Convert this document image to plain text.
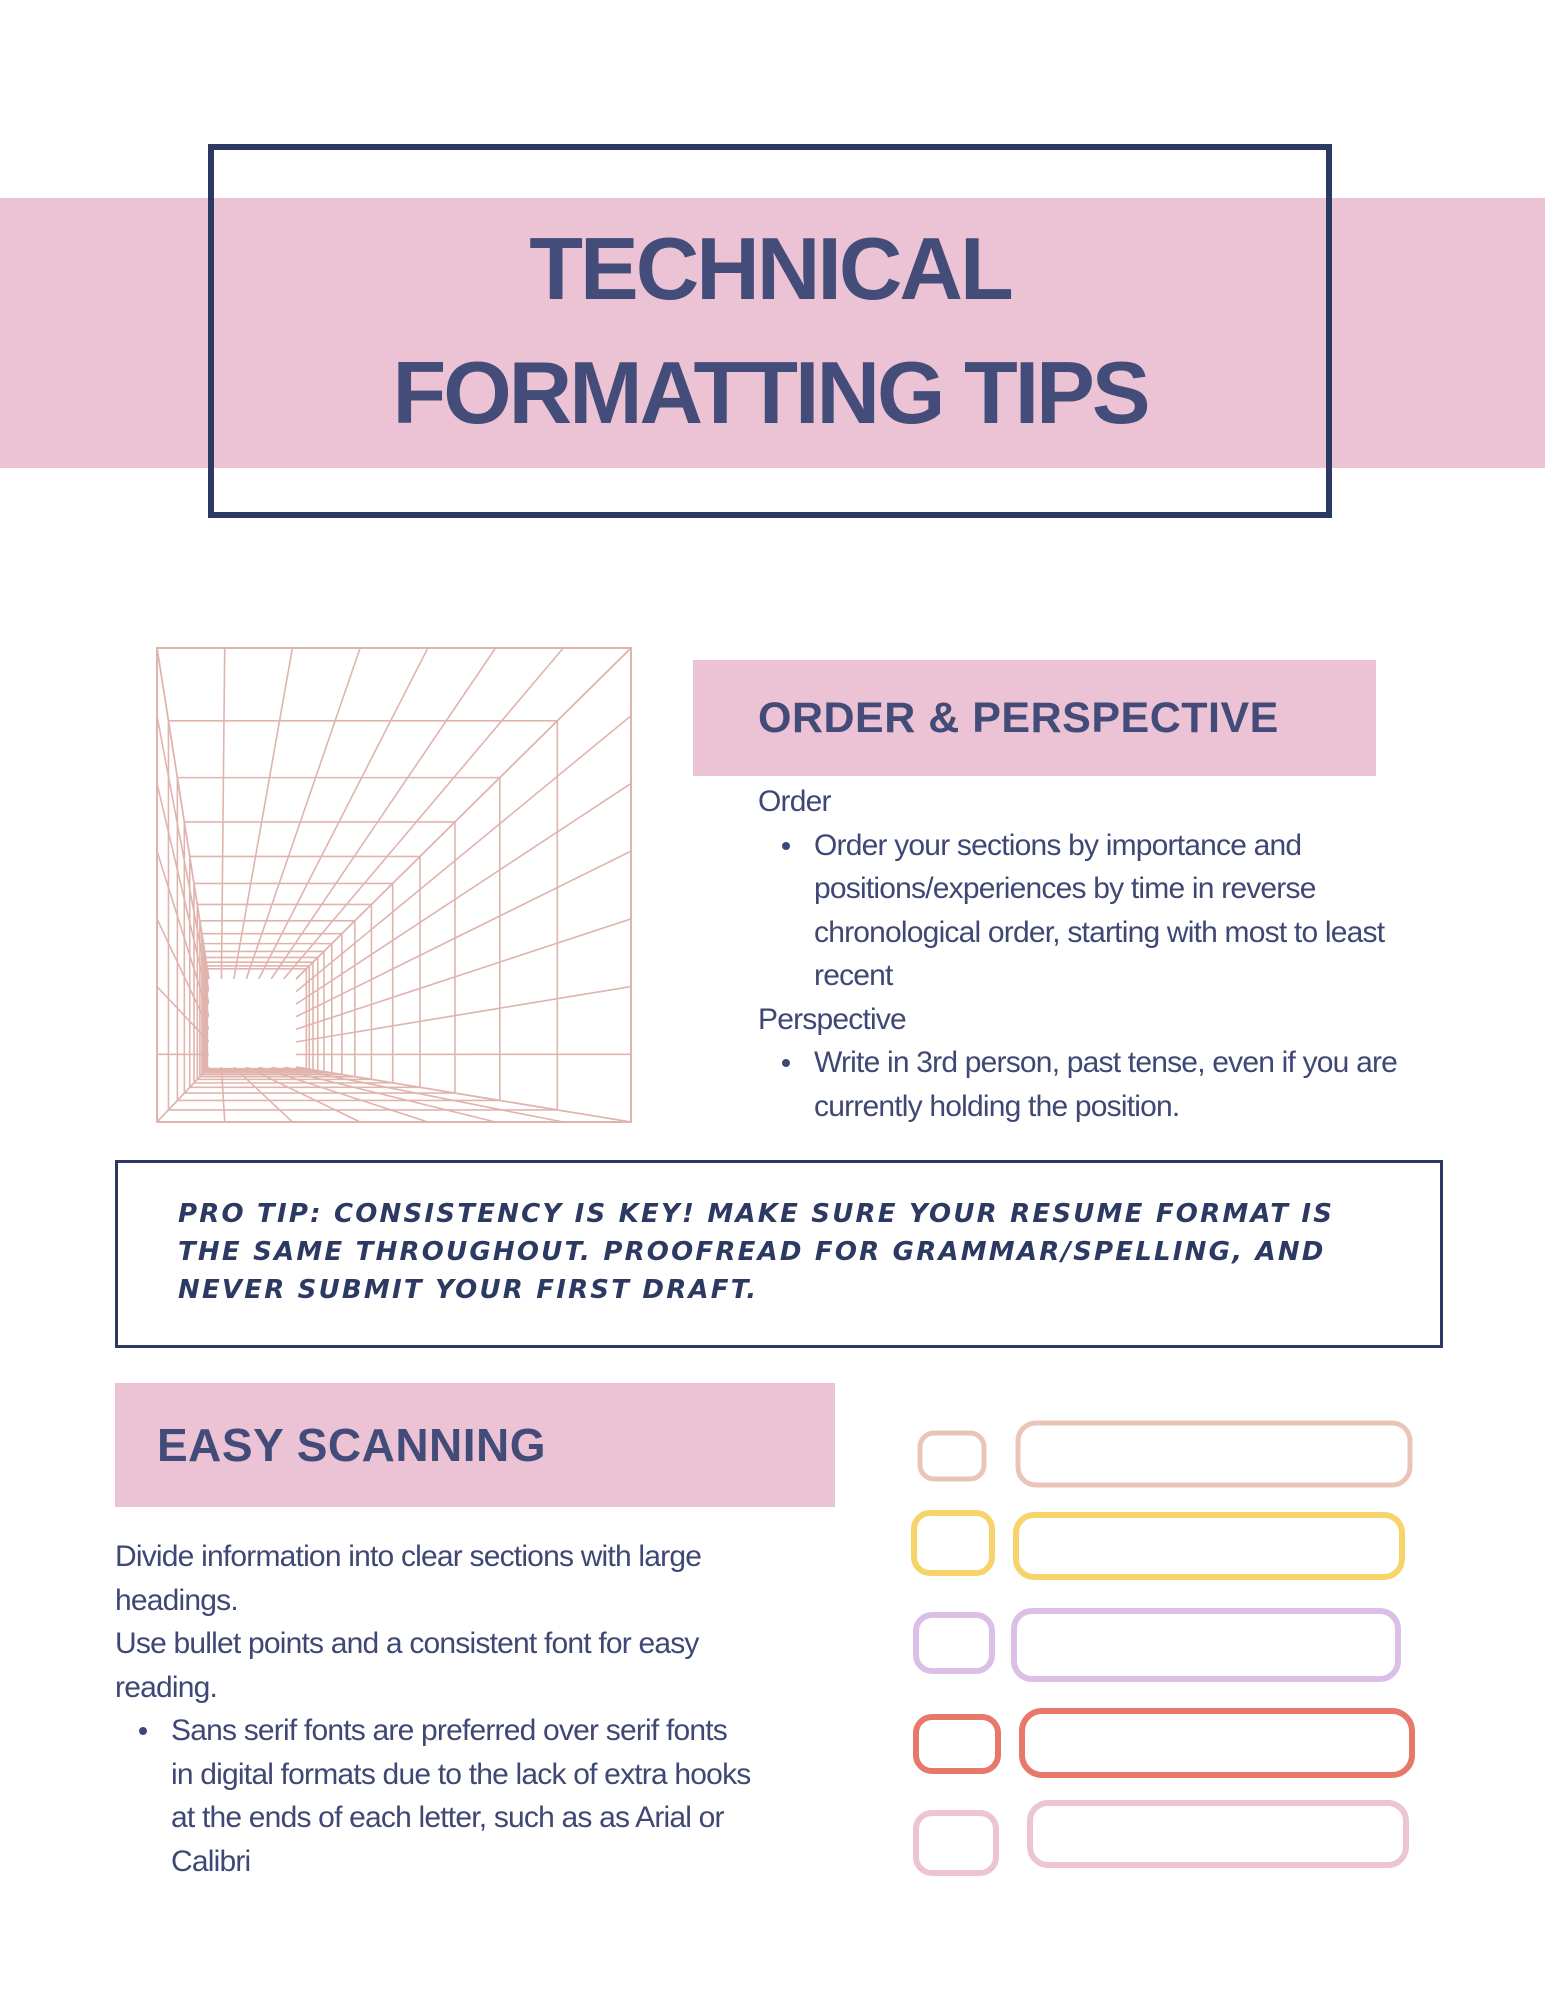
TECHNICAL
FORMATTING TIPS
ORDER & PERSPECTIVE
Order
Order your sections by importance and positions/experiences by time in reverse chronological order, starting with most to least recent
Perspective
Write in 3rd person, past tense, even if you are currently holding the position.
PRO TIP: CONSISTENCY IS KEY! MAKE SURE YOUR RESUME FORMAT IS THE SAME THROUGHOUT. PROOFREAD FOR GRAMMAR/SPELLING, AND NEVER SUBMIT YOUR FIRST DRAFT.
EASY SCANNING
Divide information into clear sections with large headings.
Use bullet points and a consistent font for easy reading.
Sans serif fonts are preferred over serif fonts in digital formats due to the lack of extra hooks at the ends of each letter, such as as Arial or Calibri
